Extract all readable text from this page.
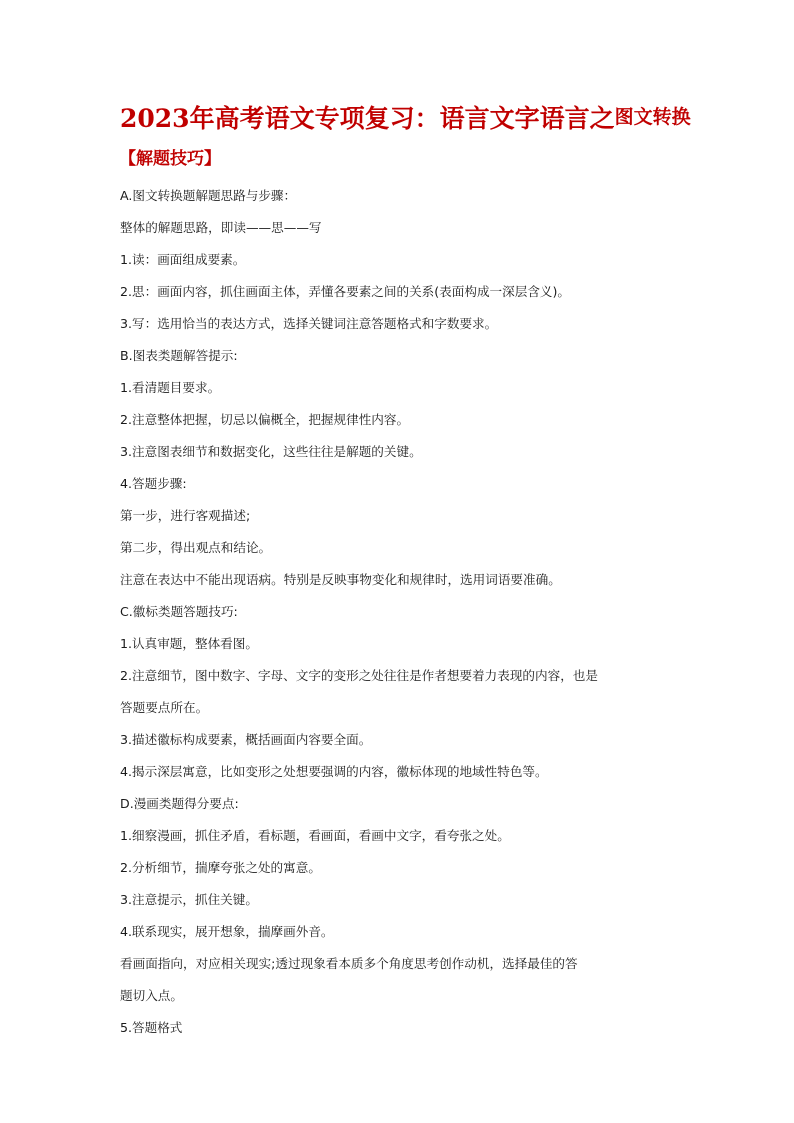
2023年高考语文专项复习：语言文字语言之图文转换
【解题技巧】
A.图文转换题解题思路与步骤：
整体的解题思路，即读——思——写
1.读：画面组成要素。
2.思：画面内容，抓住画面主体，弄懂各要素之间的关系(表面构成一深层含义)。
3.写：选用恰当的表达方式，选择关键词注意答题格式和字数要求。
B.图表类题解答提示:
1.看清题目要求。
2.注意整体把握，切忌以偏概全，把握规律性内容。
3.注意图表细节和数据变化，这些往往是解题的关键。
4.答题步骤:
第一步，进行客观描述;
第二步，得出观点和结论。
注意在表达中不能出现语病。特别是反映事物变化和规律时，选用词语要准确。
C.徽标类题答题技巧:
1.认真审题，整体看图。
2.注意细节，图中数字、字母、文字的变形之处往往是作者想要着力表现的内容，也是
答题要点所在。
3.描述徽标构成要素，概括画面内容要全面。
4.揭示深层寓意，比如变形之处想要强调的内容，徽标体现的地域性特色等。
D.漫画类题得分要点:
1.细察漫画，抓住矛盾，看标题，看画面，看画中文字，看夸张之处。
2.分析细节，揣摩夸张之处的寓意。
3.注意提示，抓住关键。
4.联系现实，展开想象，揣摩画外音。
看画面指向，对应相关现实;透过现象看本质多个角度思考创作动机，选择最佳的答
题切入点。
5.答题格式
